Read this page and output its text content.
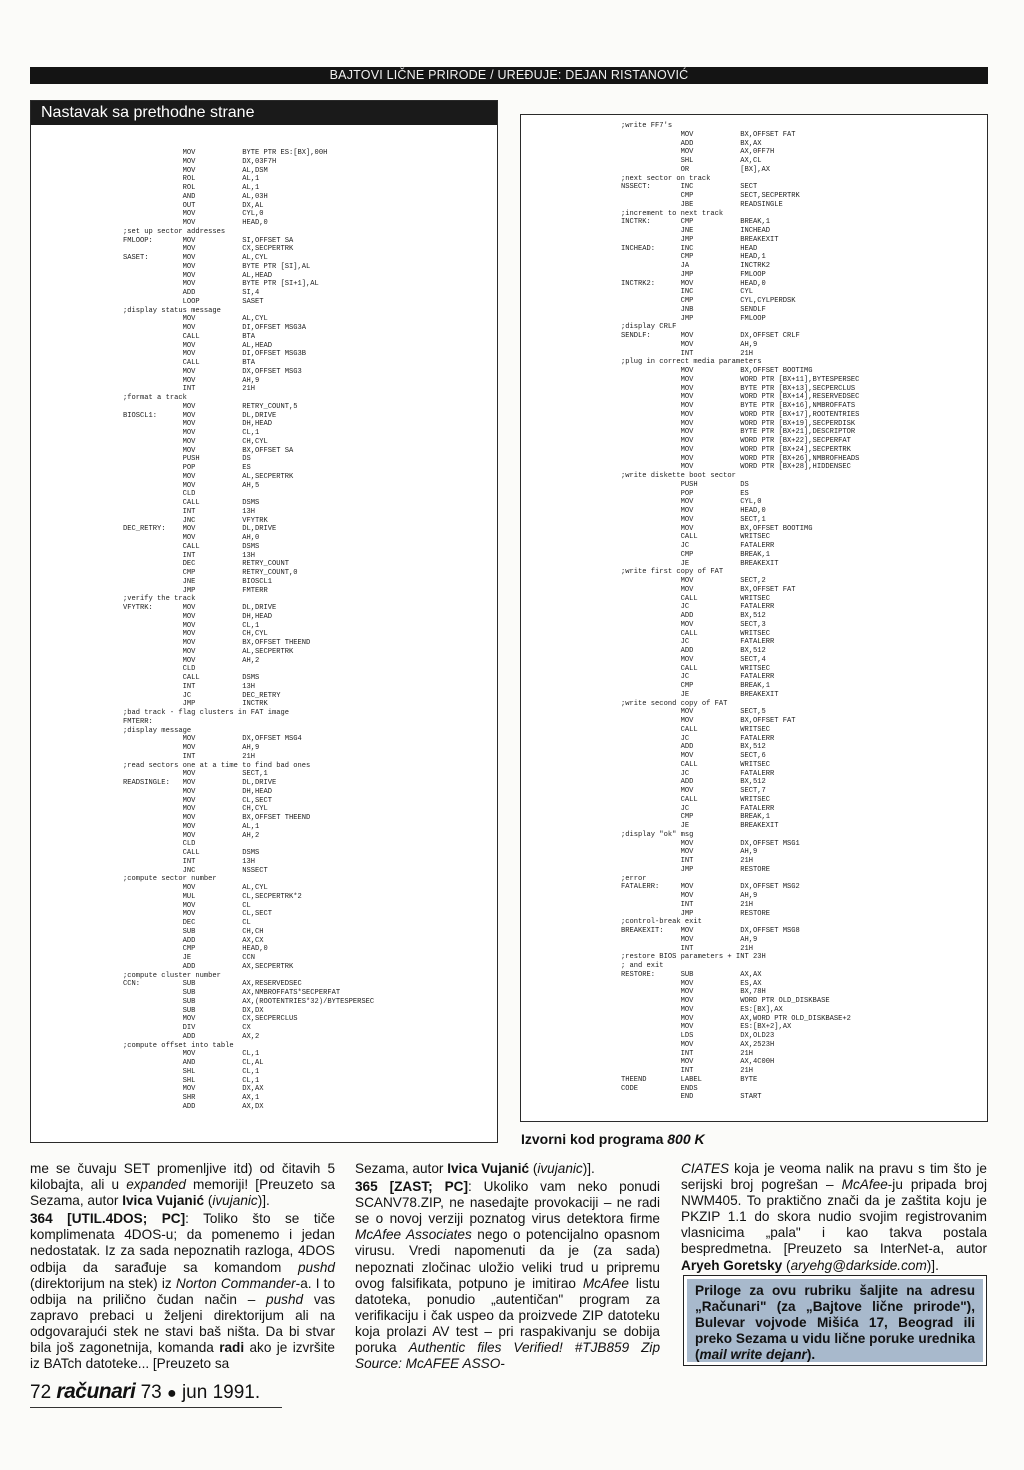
BAJTOVI LIČNE PRIRODE / UREĐUJE: DEJAN RISTANOVIĆ
Nastavak sa prethodne strane
MOV           BYTE PTR ES:[BX],00H
MOV           DX,03F7H
MOV           AL,DSM
ROL           AL,1
ROL           AL,1
AND           AL,03H
OUT           DX,AL
MOV           CYL,0
MOV           HEAD,0
;set up sector addresses
FMLOOP:       MOV           SI,OFFSET SA
MOV           CX,SECPERTRK
SASET:        MOV           AL,CYL
MOV           BYTE PTR [SI],AL
MOV           AL,HEAD
MOV           BYTE PTR [SI+1],AL
ADD           SI,4
LOOP          SASET
;display status message
MOV           AL,CYL
MOV           DI,OFFSET MSG3A
CALL          BTA
MOV           AL,HEAD
MOV           DI,OFFSET MSG3B
CALL          BTA
MOV           DX,OFFSET MSG3
MOV           AH,9
INT           21H
;format a track
MOV           RETRY_COUNT,5
BIOSCL1:      MOV           DL,DRIVE
MOV           DH,HEAD
MOV           CL,1
MOV           CH,CYL
MOV           BX,OFFSET SA
PUSH          DS
POP           ES
MOV           AL,SECPERTRK
MOV           AH,5
CLD
CALL          DSMS
INT           13H
JNC           VFYTRK
DEC_RETRY:    MOV           DL,DRIVE
MOV           AH,0
CALL          DSMS
INT           13H
DEC           RETRY_COUNT
CMP           RETRY_COUNT,0
JNE           BIOSCL1
JMP           FMTERR
;verify the track
VFYTRK:       MOV           DL,DRIVE
MOV           DH,HEAD
MOV           CL,1
MOV           CH,CYL
MOV           BX,OFFSET THEEND
MOV           AL,SECPERTRK
MOV           AH,2
CLD
CALL          DSMS
INT           13H
JC            DEC_RETRY
JMP           INCTRK
;bad track - flag clusters in FAT image
FMTERR:
;display message
MOV           DX,OFFSET MSG4
MOV           AH,9
INT           21H
;read sectors one at a time to find bad ones
MOV           SECT,1
READSINGLE:   MOV           DL,DRIVE
MOV           DH,HEAD
MOV           CL,SECT
MOV           CH,CYL
MOV           BX,OFFSET THEEND
MOV           AL,1
MOV           AH,2
CLD
CALL          DSMS
INT           13H
JNC           NSSECT
;compute sector number
MOV           AL,CYL
MUL           CL,SECPERTRK*2
MOV           CL
MOV           CL,SECT
DEC           CL
SUB           CH,CH
ADD           AX,CX
CMP           HEAD,0
JE            CCN
ADD           AX,SECPERTRK
;compute cluster number
CCN:          SUB           AX,RESERVEDSEC
SUB           AX,NMBROFFATS*SECPERFAT
SUB           AX,(ROOTENTRIES*32)/BYTESPERSEC
SUB           DX,DX
MOV           CX,SECPERCLUS
DIV           CX
ADD           AX,2
;compute offset into table
MOV           CL,1
AND           CL,AL
SHL           CL,1
SHL           CL,1
MOV           DX,AX
SHR           AX,1
ADD           AX,DX
;write FF7's
MOV           BX,OFFSET FAT
ADD           BX,AX
MOV           AX,0FF7H
SHL           AX,CL
OR            [BX],AX
;next sector on track
NSSECT:       INC           SECT
CMP           SECT,SECPERTRK
JBE           READSINGLE
;increment to next track
INCTRK:       CMP           BREAK,1
JNE           INCHEAD
JMP           BREAKEXIT
INCHEAD:      INC           HEAD
CMP           HEAD,1
JA            INCTRK2
JMP           FMLOOP
INCTRK2:      MOV           HEAD,0
INC           CYL
CMP           CYL,CYLPERDSK
JNB           SENDLF
JMP           FMLOOP
;display CRLF
SENDLF:       MOV           DX,OFFSET CRLF
MOV           AH,9
INT           21H
;plug in correct media parameters
MOV           BX,OFFSET BOOTIMG
MOV           WORD PTR [BX+11],BYTESPERSEC
MOV           BYTE PTR [BX+13],SECPERCLUS
MOV           WORD PTR [BX+14],RESERVEDSEC
MOV           BYTE PTR [BX+16],NMBROFFATS
MOV           WORD PTR [BX+17],ROOTENTRIES
MOV           WORD PTR [BX+19],SECPERDISK
MOV           BYTE PTR [BX+21],DESCRIPTOR
MOV           WORD PTR [BX+22],SECPERFAT
MOV           WORD PTR [BX+24],SECPERTRK
MOV           WORD PTR [BX+26],NMBROFHEADS
MOV           WORD PTR [BX+28],HIDDENSEC
;write diskette boot sector
PUSH          DS
POP           ES
MOV           CYL,0
MOV           HEAD,0
MOV           SECT,1
MOV           BX,OFFSET BOOTIMG
CALL          WRITSEC
JC            FATALERR
CMP           BREAK,1
JE            BREAKEXIT
;write first copy of FAT
MOV           SECT,2
MOV           BX,OFFSET FAT
CALL          WRITSEC
JC            FATALERR
ADD           BX,512
MOV           SECT,3
CALL          WRITSEC
JC            FATALERR
ADD           BX,512
MOV           SECT,4
CALL          WRITSEC
JC            FATALERR
CMP           BREAK,1
JE            BREAKEXIT
;write second copy of FAT
MOV           SECT,5
MOV           BX,OFFSET FAT
CALL          WRITSEC
JC            FATALERR
ADD           BX,512
MOV           SECT,6
CALL          WRITSEC
JC            FATALERR
ADD           BX,512
MOV           SECT,7
CALL          WRITSEC
JC            FATALERR
CMP           BREAK,1
JE            BREAKEXIT
;display "ok" msg
MOV           DX,OFFSET MSG1
MOV           AH,9
INT           21H
JMP           RESTORE
;error
FATALERR:     MOV           DX,OFFSET MSG2
MOV           AH,9
INT           21H
JMP           RESTORE
;control-break exit
BREAKEXIT:    MOV           DX,OFFSET MSG8
MOV           AH,9
INT           21H
;restore BIOS parameters + INT 23H
; and exit
RESTORE:      SUB           AX,AX
MOV           ES,AX
MOV           BX,78H
MOV           WORD PTR OLD_DISKBASE
MOV           ES:[BX],AX
MOV           AX,WORD PTR OLD_DISKBASE+2
MOV           ES:[BX+2],AX
LDS           DX,OLD23
MOV           AX,2523H
INT           21H
MOV           AX,4C00H
INT           21H
THEEND        LABEL         BYTE
CODE          ENDS
END           START
Izvorni kod programa 800 K

me se čuvaju SET promenljive itd) od čitavih 5 kilobajta, ali u expanded memoriji! [Preuzeto sa Sezama, autor Ivica Vujanić (ivujanic)].

364 [UTIL.4DOS; PC]: Toliko što se tiče komplimenata 4DOS-u; da pomenemo i jedan nedostatak. Iz za sada nepoznatih razloga, 4DOS odbija da sarađuje sa komandom pushd (direktorijum na stek) iz Norton Commander-a. I to odbija na prilično čudan način – pushd vas zapravo prebaci u željeni direktorijum ali na odgovarajući stek ne stavi baš ništa. Da bi stvar bila još zagonetnija, komanda radi ako je izvršite iz BATch datoteke... [Preuzeto sa

Sezama, autor Ivica Vujanić (ivujanic)].

365 [ZAST; PC]: Ukoliko vam neko ponudi SCANV78.ZIP, ne nasedajte provokaciji – ne radi se o novoj verziji poznatog virus detektora firme McAfee Associates nego o potencijalno opasnom virusu. Vredi napomenuti da je (za sada) nepoznati zločinac uložio veliki trud u pripremu ovog falsifikata, potpuno je imitirao McAfee listu datoteka, ponudio „autentičan" program za verifikaciju i čak uspeo da proizvede ZIP datoteku koja prolazi AV test – pri raspakivanju se dobija poruka Authentic files Verified! #TJB859 Zip Source: McAFEE ASSO-

CIATES koja je veoma nalik na pravu s tim što je serijski broj pogrešan – McAfee-ju pripada broj NWM405. To praktično znači da je zaštita koju je PKZIP 1.1 do skora nudio svojim registrovanim vlasnicima „pala" i kao takva postala bespredmetna. [Preuzeto sa InterNet-a, autor Aryeh Goretsky (aryehg@darkside.com)].

Priloge za ovu rubriku šaljite na adresu „Računari" (za „Bajtove lične prirode"), Bulevar vojvode Mišića 17, Beograd ili preko Sezama u vidu lične poruke urednika (mail write dejanr).
72 računari 73 ● jun 1991.
